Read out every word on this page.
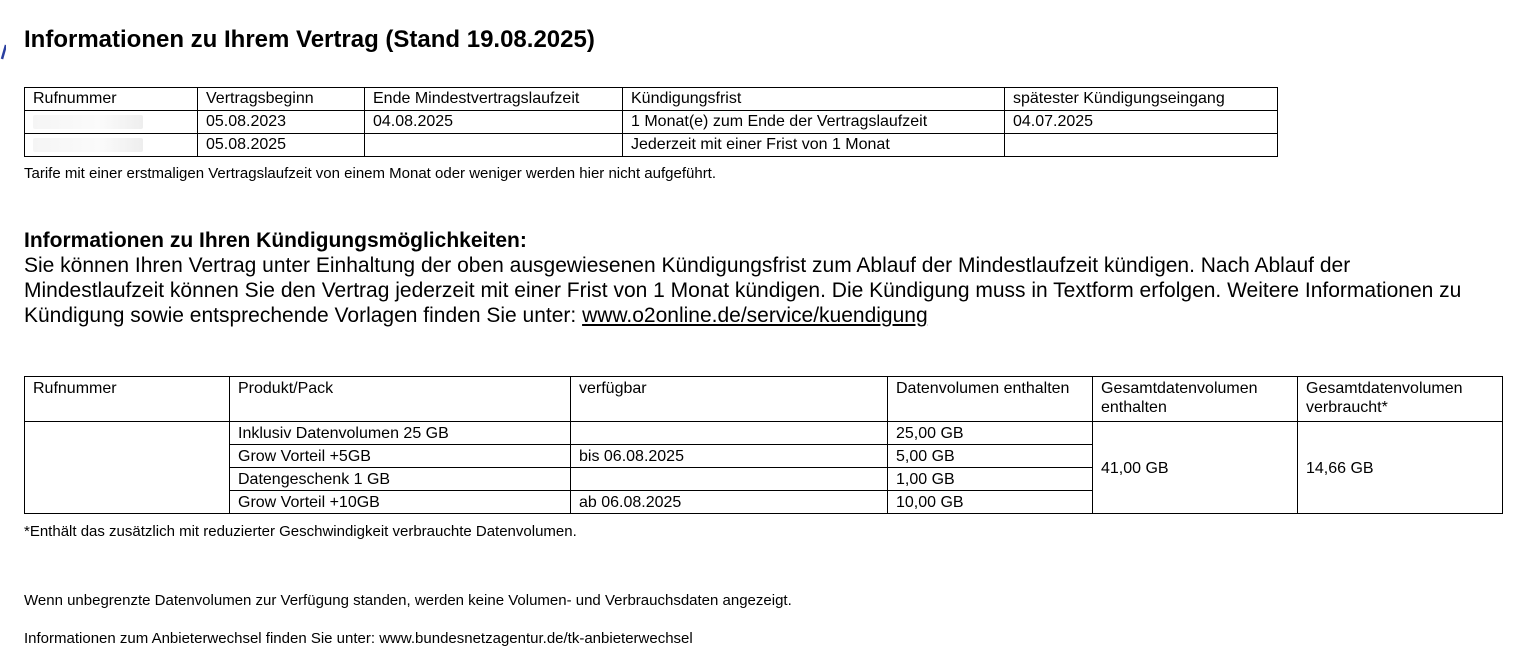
Informationen zu Ihrem Vertrag (Stand 19.08.2025)
Rufnummer	Vertragsbeginn	Ende Mindestvertragslaufzeit	Kündigungsfrist	spätester Kündigungseingang
	05.08.2023	04.08.2025	1 Monat(e) zum Ende der Vertragslaufzeit	04.07.2025
	05.08.2025		Jederzeit mit einer Frist von 1 Monat	

Tarife mit einer erstmaligen Vertragslaufzeit von einem Monat oder weniger werden hier nicht aufgeführt.

Informationen zu Ihren Kündigungsmöglichkeiten:

Sie können Ihren Vertrag unter Einhaltung der oben ausgewiesenen Kündigungsfrist zum Ablauf der Mindestlaufzeit kündigen. Nach Ablauf der Mindestlaufzeit können Sie den Vertrag jederzeit mit einer Frist von 1 Monat kündigen. Die Kündigung muss in Textform erfolgen. Weitere Informationen zu Kündigung sowie entsprechende Vorlagen finden Sie unter: www.o2online.de/service/kuendigung

Rufnummer	Produkt/Pack	verfügbar	Datenvolumen enthalten	Gesamtdatenvolumen enthalten	Gesamtdatenvolumen verbraucht*
	Inklusiv Datenvolumen 25 GB		25,00 GB	41,00 GB	14,66 GB
	Grow Vorteil +5GB	bis 06.08.2025	5,00 GB		
	Datengeschenk 1 GB		1,00 GB		
	Grow Vorteil +10GB	ab 06.08.2025	10,00 GB		

*Enthält das zusätzlich mit reduzierter Geschwindigkeit verbrauchte Datenvolumen.

Wenn unbegrenzte Datenvolumen zur Verfügung standen, werden keine Volumen- und Verbrauchsdaten angezeigt.

Informationen zum Anbieterwechsel finden Sie unter: www.bundesnetzagentur.de/tk-anbieterwechsel
